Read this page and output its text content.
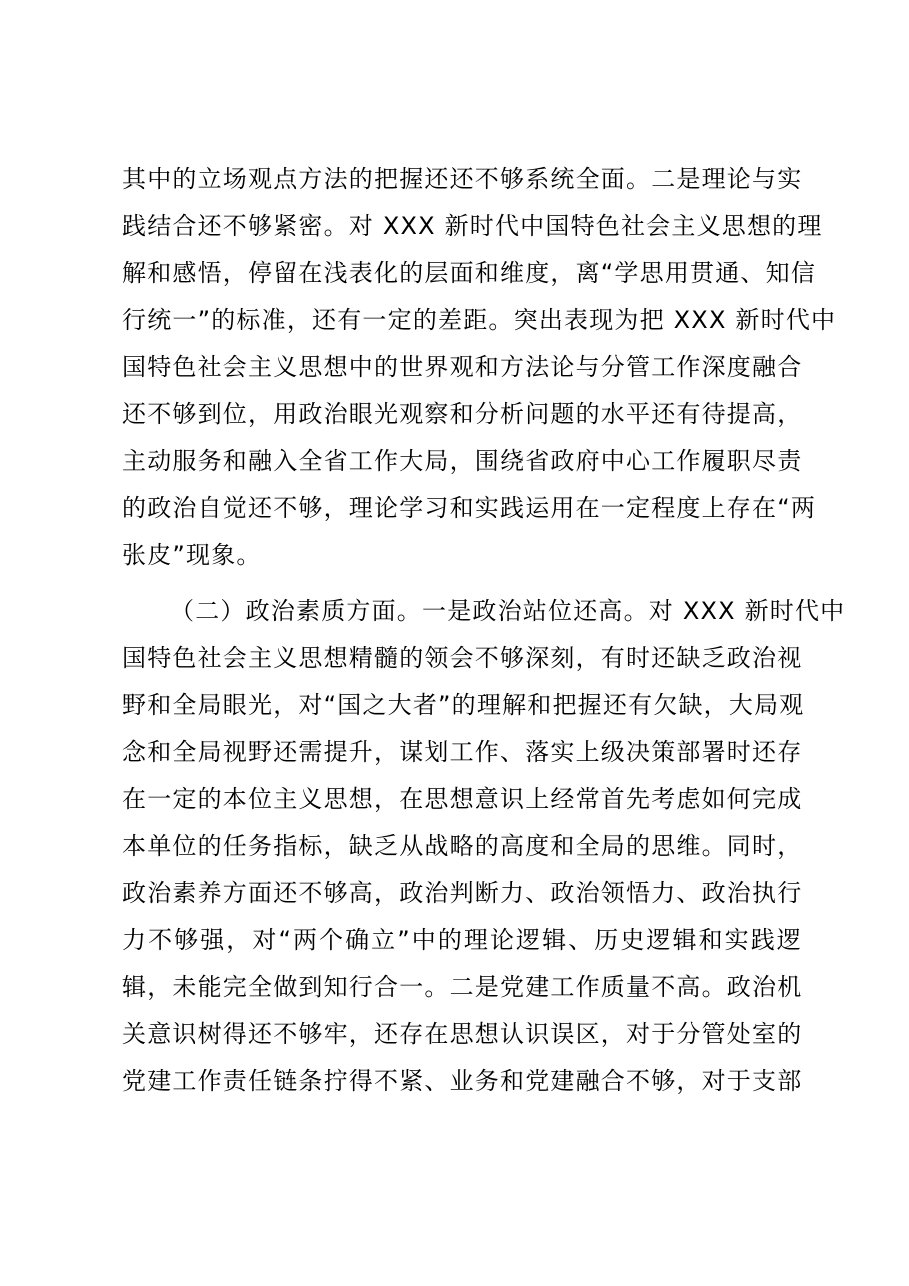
其中的立场观点方法的把握还还不够系统全面。二是理论与实
践结合还不够紧密。对 XXX 新时代中国特色社会主义思想的理
解和感悟，停留在浅表化的层面和维度，离“学思用贯通、知信
行统一”的标准，还有一定的差距。突出表现为把 XXX 新时代中
国特色社会主义思想中的世界观和方法论与分管工作深度融合
还不够到位，用政治眼光观察和分析问题的水平还有待提高，
主动服务和融入全省工作大局，围绕省政府中心工作履职尽责
的政治自觉还不够，理论学习和实践运用在一定程度上存在“两
张皮”现象。
（二）政治素质方面。一是政治站位还高。对 XXX 新时代中
国特色社会主义思想精髓的领会不够深刻，有时还缺乏政治视
野和全局眼光，对“国之大者”的理解和把握还有欠缺，大局观
念和全局视野还需提升，谋划工作、落实上级决策部署时还存
在一定的本位主义思想，在思想意识上经常首先考虑如何完成
本单位的任务指标，缺乏从战略的高度和全局的思维。同时，
政治素养方面还不够高，政治判断力、政治领悟力、政治执行
力不够强，对“两个确立”中的理论逻辑、历史逻辑和实践逻
辑，未能完全做到知行合一。二是党建工作质量不高。政治机
关意识树得还不够牢，还存在思想认识误区，对于分管处室的
党建工作责任链条拧得不紧、业务和党建融合不够，对于支部
